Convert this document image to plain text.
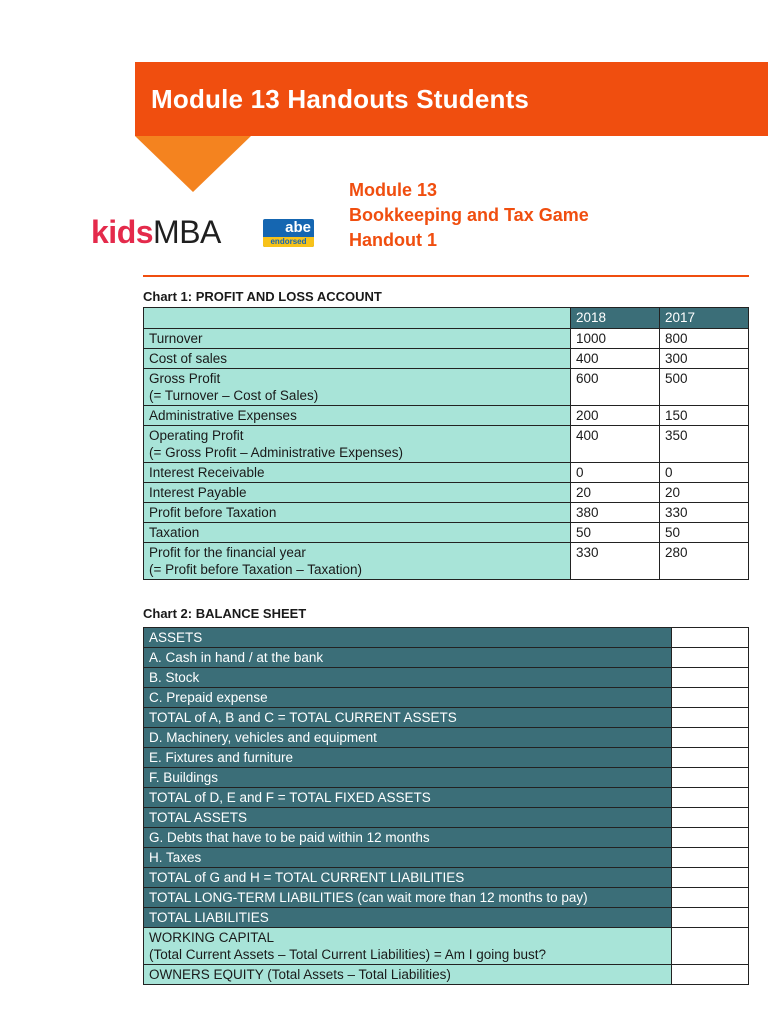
Module 13 Handouts Students
kids MBA	abe
endorsed
Module 13
Bookkeeping and Tax Game
Handout 1
Chart 1: PROFIT AND LOSS ACCOUNT

	2018	2017

Turnover	1000	800

Cost of sales	400	300

Gross Profit
(= Turnover – Cost of Sales)	600	500

Administrative Expenses	200	150

Operating Profit
(= Gross Profit – Administrative Expenses)	400	350

Interest Receivable	0	0

Interest Payable	20	20

Profit before Taxation	380	330

Taxation	50	50

Profit for the financial year
(= Profit before Taxation – Taxation)	330	280
Chart 2: BALANCE SHEET
ASSETS	

A. Cash in hand / at the bank	

B. Stock	

C. Prepaid expense	

TOTAL of A, B and C = TOTAL CURRENT ASSETS	

D. Machinery, vehicles and equipment	

E. Fixtures and furniture	

F. Buildings	

TOTAL of D, E and F = TOTAL FIXED ASSETS	

TOTAL ASSETS	

G. Debts that have to be paid within 12 months	

H. Taxes	

TOTAL of G and H = TOTAL CURRENT LIABILITIES	

TOTAL LONG-TERM LIABILITIES (can wait more than 12 months to pay)	

TOTAL LIABILITIES	

WORKING CAPITAL
(Total Current Assets – Total Current Liabilities) = Am I going bust?	

OWNERS EQUITY (Total Assets – Total Liabilities)	
